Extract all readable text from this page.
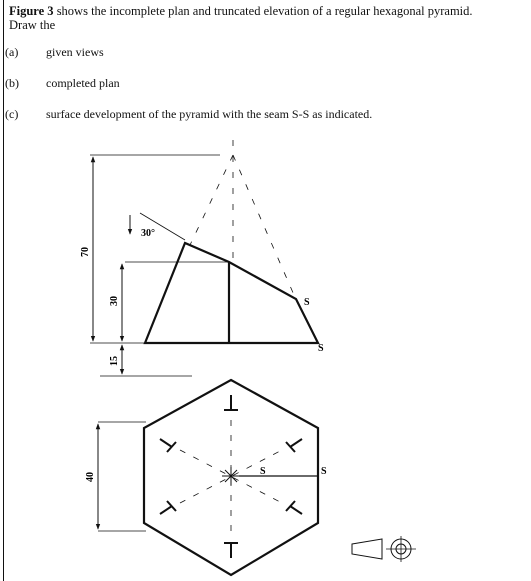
Figure 3 shows the incomplete plan and truncated elevation of a regular hexagonal pyramid.
Draw the
(a) given views
(b) completed plan
(c) surface development of the pyramid with the seam S-S as indicated.
30°
S
S
70
30
15
40	S	S
